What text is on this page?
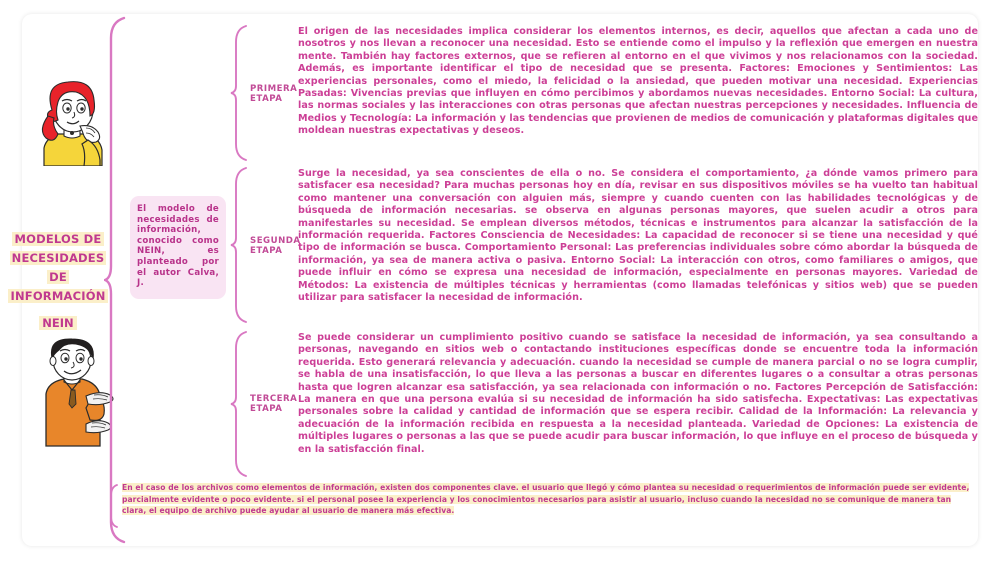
MODELOS DE
NECESIDADES
DE
INFORMACIÓN
NEIN

El modelo de necesidades de información, conocido como NEIN, es planteado por el autor Calva, J.

PRIMERA
ETAPA
El origen de las necesidades implica considerar los elementos internos, es decir, aquellos que afectan a cada uno de nosotros y nos llevan a reconocer una necesidad. Esto se entiende como el impulso y la reflexión que emergen en nuestra mente. También hay factores externos, que se refieren al entorno en el que vivimos y nos relacionamos con la sociedad. Además, es importante identificar el tipo de necesidad que se presenta. Factores: Emociones y Sentimientos: Las experiencias personales, como el miedo, la felicidad o la ansiedad, que pueden motivar una necesidad. Experiencias Pasadas: Vivencias previas que influyen en cómo percibimos y abordamos nuevas necesidades. Entorno Social: La cultura, las normas sociales y las interacciones con otras personas que afectan nuestras percepciones y necesidades. Influencia de Medios y Tecnología: La información y las tendencias que provienen de medios de comunicación y plataformas digitales que moldean nuestras expectativas y deseos.
SEGUNDA
ETAPA
Surge la necesidad, ya sea conscientes de ella o no. Se considera el comportamiento, ¿a dónde vamos primero para satisfacer esa necesidad? Para muchas personas hoy en día, revisar en sus dispositivos móviles se ha vuelto tan habitual como mantener una conversación con alguien más, siempre y cuando cuenten con las habilidades tecnológicas y de búsqueda de información necesarias. se observa en algunas personas mayores, que suelen acudir a otros para manifestarles su necesidad. Se emplean diversos métodos, técnicas e instrumentos para alcanzar la satisfacción de la información requerida. Factores Consciencia de Necesidades: La capacidad de reconocer si se tiene una necesidad y qué tipo de información se busca. Comportamiento Personal: Las preferencias individuales sobre cómo abordar la búsqueda de información, ya sea de manera activa o pasiva. Entorno Social: La interacción con otros, como familiares o amigos, que puede influir en cómo se expresa una necesidad de información, especialmente en personas mayores. Variedad de Métodos: La existencia de múltiples técnicas y herramientas (como llamadas telefónicas y sitios web) que se pueden utilizar para satisfacer la necesidad de información.
TERCERA
ETAPA
Se puede considerar un cumplimiento positivo cuando se satisface la necesidad de información, ya sea consultando a personas, navegando en sitios web o contactando instituciones específicas donde se encuentre toda la información requerida. Esto generará relevancia y adecuación. cuando la necesidad se cumple de manera parcial o no se logra cumplir, se habla de una insatisfacción, lo que lleva a las personas a buscar en diferentes lugares o a consultar a otras personas hasta que logren alcanzar esa satisfacción, ya sea relacionada con información o no. Factores Percepción de Satisfacción: La manera en que una persona evalúa si su necesidad de información ha sido satisfecha. Expectativas: Las expectativas personales sobre la calidad y cantidad de información que se espera recibir. Calidad de la Información: La relevancia y adecuación de la información recibida en respuesta a la necesidad planteada. Variedad de Opciones: La existencia de múltiples lugares o personas a las que se puede acudir para buscar información, lo que influye en el proceso de búsqueda y en la satisfacción final.
En el caso de los archivos como elementos de información, existen dos componentes clave. el usuario que llegó y cómo plantea su necesidad o requerimientos de información puede ser evidente, parcialmente evidente o poco evidente. si el personal posee la experiencia y los conocimientos necesarios para asistir al usuario, incluso cuando la necesidad no se comunique de manera tan clara, el equipo de archivo puede ayudar al usuario de manera más efectiva.
